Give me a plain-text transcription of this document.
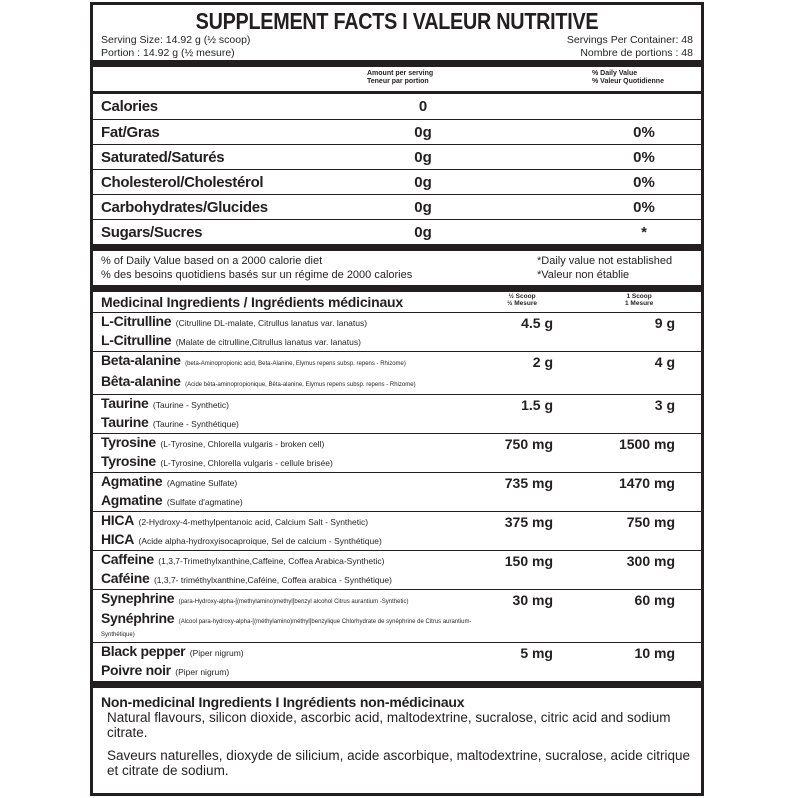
SUPPLEMENT FACTS I VALEUR NUTRITIVE
Serving Size: 14.92 g (½ scoop)	Servings Per Container: 48
Portion : 14.92 g (½ mesure)	Nombre de portions : 48
Amount per serving
Teneur par portion
% Daily Value
% Valeur Quotidienne
Calories	0
Fat/Gras	0g	0%
Saturated/Saturés	0g	0%
Cholesterol/Cholestérol	0g	0%
Carbohydrates/Glucides	0g	0%
Sugars/Sucres	0g	*
% of Daily Value based on a 2000 calorie diet
% des besoins quotidiens basés sur un régime de 2000 calories
*Daily value not established
*Valeur non établie
Medicinal Ingredients / Ingrédients médicinaux	½ Scoop
½ Mesure
1 Scoop
1 Mesure
L-Citrulline (Citrulline DL-malate, Citrullus lanatus var. lanatus)
L-Citrulline (Malate de citrulline,Citrullus lanatus var. lanatus)
4.5 g	9 g
Beta-alanine (beta-Aminopropionic acid, Beta-Alanine, Elymus repens subsp. repens - Rhizome)
Bêta-alanine (Acide bêta-aminopropionique, Bêta-alanine, Elymus repens subsp. repens - Rhizome)
2 g	4 g
Taurine (Taurine - Synthetic)
Taurine (Taurine - Synthétique)
1.5 g	3 g
Tyrosine (L-Tyrosine, Chlorella vulgaris - broken cell)
Tyrosine (L-Tyrosine, Chlorella vulgaris - cellule brisée)
750 mg	1500 mg
Agmatine (Agmatine Sulfate)
Agmatine (Sulfate d'agmatine)
735 mg	1470 mg
HICA (2-Hydroxy-4-methylpentanoic acid, Calcium Salt - Synthetic)
HICA (Acide alpha-hydroxyisocaproique, Sel de calcium - Synthétique)
375 mg	750 mg
Caffeine (1,3,7-Trimethylxanthine,Caffeine, Coffea Arabica-Synthetic)
Caféine (1,3,7- triméthylxanthine,Caféine, Coffea arabica - Synthétique)
150 mg	300 mg
Synephrine (para-Hydroxy-alpha-[(methylamino)methyl]benzyl alcohol Citrus aurantium -Synthetic)
Synéphrine (Alcool para-hydroxy-alpha-[(méthylamino)méthyl]benzylique Chlorhydrate de synéphrine de Citrus aurantium- Synthétique)
30 mg	60 mg
Black pepper (Piper nigrum)
Poivre noir (Piper nigrum)
5 mg	10 mg
Non-medicinal Ingredients I Ingrédients non-médicinaux
Natural flavours, silicon dioxide, ascorbic acid, maltodextrine, sucralose, citric acid and sodium citrate.
Saveurs naturelles, dioxyde de silicium, acide ascorbique, maltodextrine, sucralose, acide citrique et citrate de sodium.
